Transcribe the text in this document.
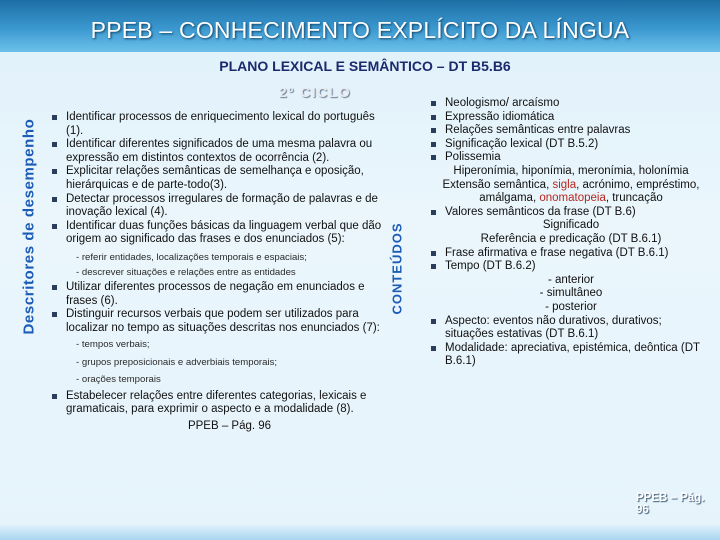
PPEB – CONHECIMENTO EXPLÍCITO DA LÍNGUA
PLANO LEXICAL E SEMÂNTICO – DT B5.B6
2º CICLO
Descritores de desempenho	CONTEÚDOS
Identificar processos de enriquecimento lexical do português (1).
Identificar diferentes significados de uma mesma palavra ou expressão em distintos contextos de ocorrência (2).
Explicitar relações semânticas de semelhança e oposição, hierárquicas e de parte-todo(3).
Detectar processos irregulares de formação de palavras e de inovação lexical (4).
Identificar duas funções básicas da linguagem verbal que dão origem ao significado das frases e dos enunciados (5):
- referir entidades, localizações temporais e espaciais;
- descrever situações e relações entre as entidades
Utilizar diferentes processos de negação em enunciados e frases (6).
Distinguir recursos verbais que podem ser utilizados para localizar no tempo as situações descritas nos enunciados (7):
- tempos verbais;
- grupos preposicionais e adverbiais temporais;
- orações temporais
Estabelecer relações entre diferentes categorias, lexicais e gramaticais, para exprimir o aspecto e a modalidade (8).
PPEB – Pág. 96
Neologismo/ arcaísmo
Expressão idiomática
Relações semânticas entre palavras
Significação lexical (DT B.5.2)
Polissemia
Hiperonímia, hiponímia, meronímia, holonímia
Extensão semântica, sigla, acrónimo, empréstimo, amálgama, onomatopeia, truncação
Valores semânticos da frase (DT B.6)
Significado
Referência e predicação (DT B.6.1)
Frase afirmativa e frase negativa (DT B.6.1)
Tempo (DT B.6.2)
- anterior
- simultâneo
- posterior
Aspecto: eventos não durativos, durativos; situações estativas (DT B.6.1)
Modalidade: apreciativa, epistémica, deôntica (DT B.6.1)
PPEB – Pág. 96
